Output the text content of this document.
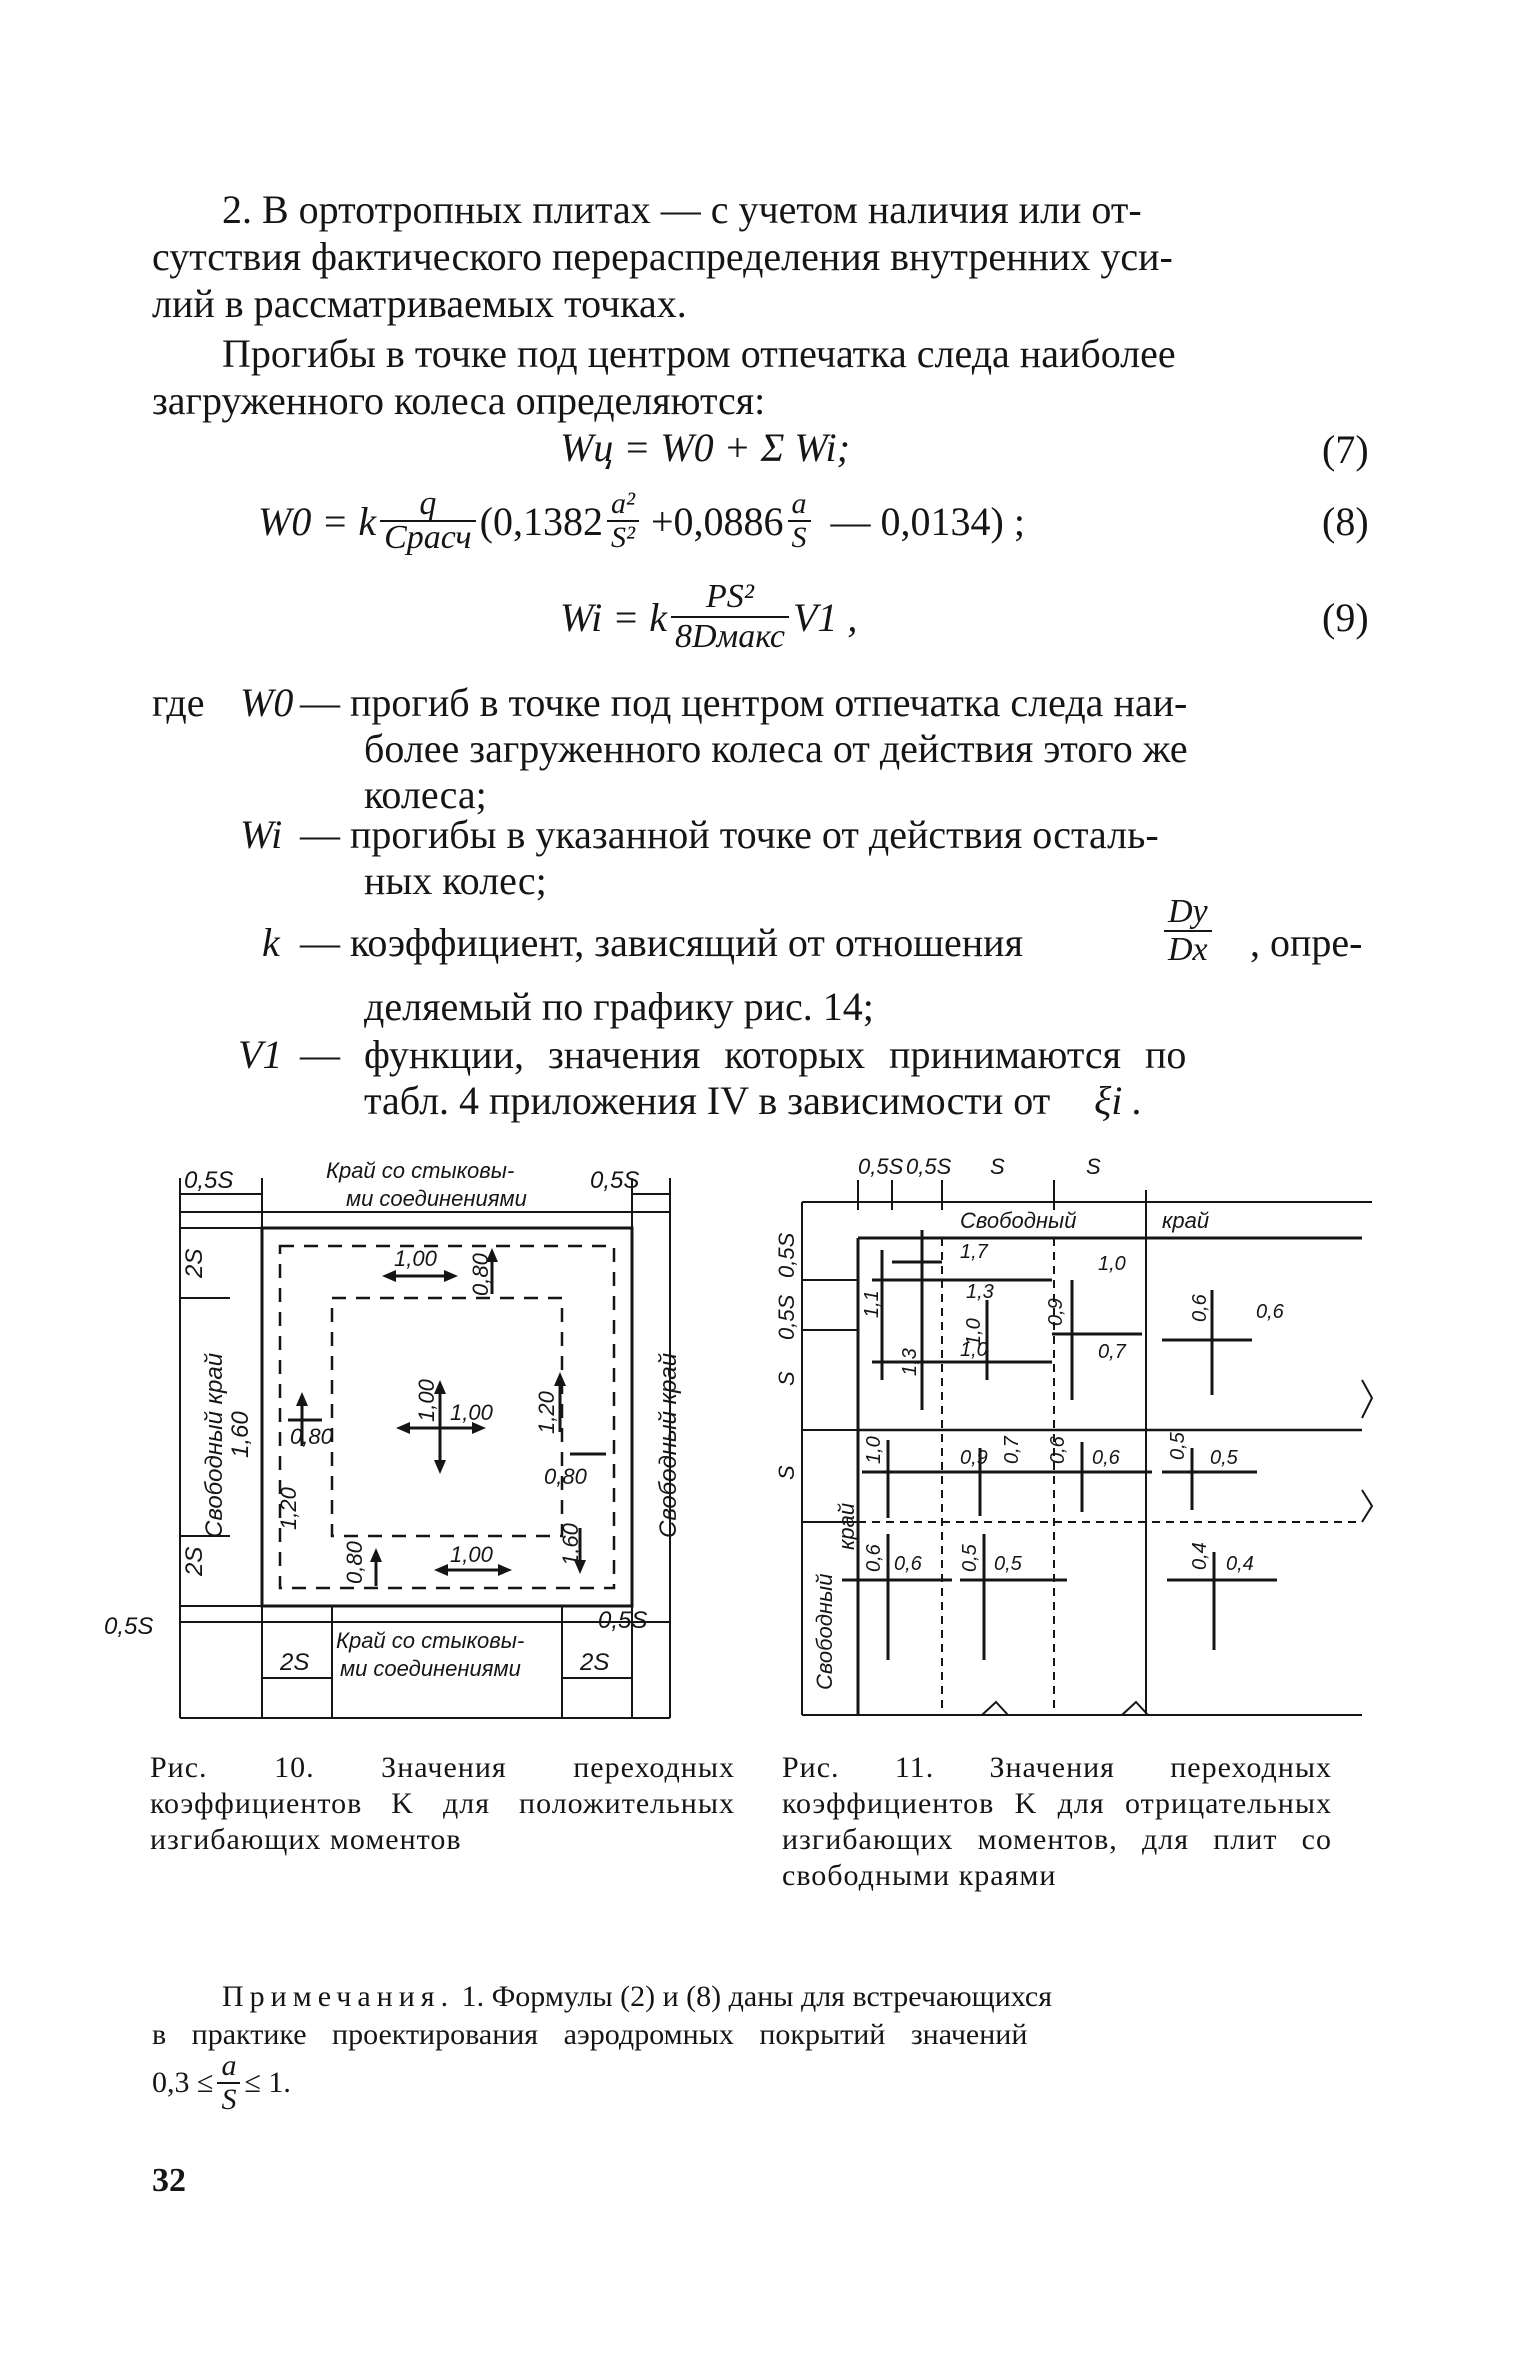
2. В ортотропных плитах — с учетом наличия или от-
сутствия фактического перераспределения внутренних уси-
лий в рассматриваемых точках.
Прогибы в точке под центром отпечатка следа наиболее
загруженного колеса определяются:
Wц = W0 + Σ Wi;	(7)
W0 = k $\frac{q}{\text{Cрасч}} (0,1382 \frac{\text{a²}}{\text{S²}} +0,0886 \frac{a}{S}$ — 0,0134) ;	(8)
Wi = k $\frac{\text{PS²}}{\text{8Dмакс}} V1$ ,	(9)
где W0 — прогиб в точке под центром отпечатка следа наи-
более загруженного колеса от действия этого же
колеса;
Wi — прогибы в указанной точке от действия осталь-
ных колес;
k — коэффициент, зависящий от отношения	$\frac{Dy}{Dx}$ , опре-
деляемый по графику рис. 14;
V1 — функции, значения которых принимаются по
табл. 4 приложения IV в зависимости от ξi .
0,5S	0,5S
Край со стыковы-
ми соединениями
0,5S	0,5S
Край со стыковы-
ми соединениями
2S	2S
2S
1,60
2S
Свободный край	Свободный край
1,00 0,80
1,00 1,00
0,80
1,20
1,20
0,80
1,60
0,80	1,00
Рис. 10. Значения переходных коэффициентов K для положительных изгибающих моментов
0,5S 0,5S S	S
Свободный	край
0,5S
0,5S
S
S
Свободный
край
1,7
1,3
1,1
1,3
1,0
1,0
1,0
0,9
0,7
0,6 0,6
1,0	0,9 0,7 0,6 0,6 0,5 0,5
0,6 0,6 0,5 0,5	0,4 0,4
Рис. 11. Значения переходных коэффициентов K для отрицательных изгибающих моментов, для плит со свободными краями
Примечания. 1. Формулы (2) и (8) даны для встречающихся
в практике проектирования аэродромных покрытий значений
$0,3 \le \frac{a}{S} \le 1$.
32
